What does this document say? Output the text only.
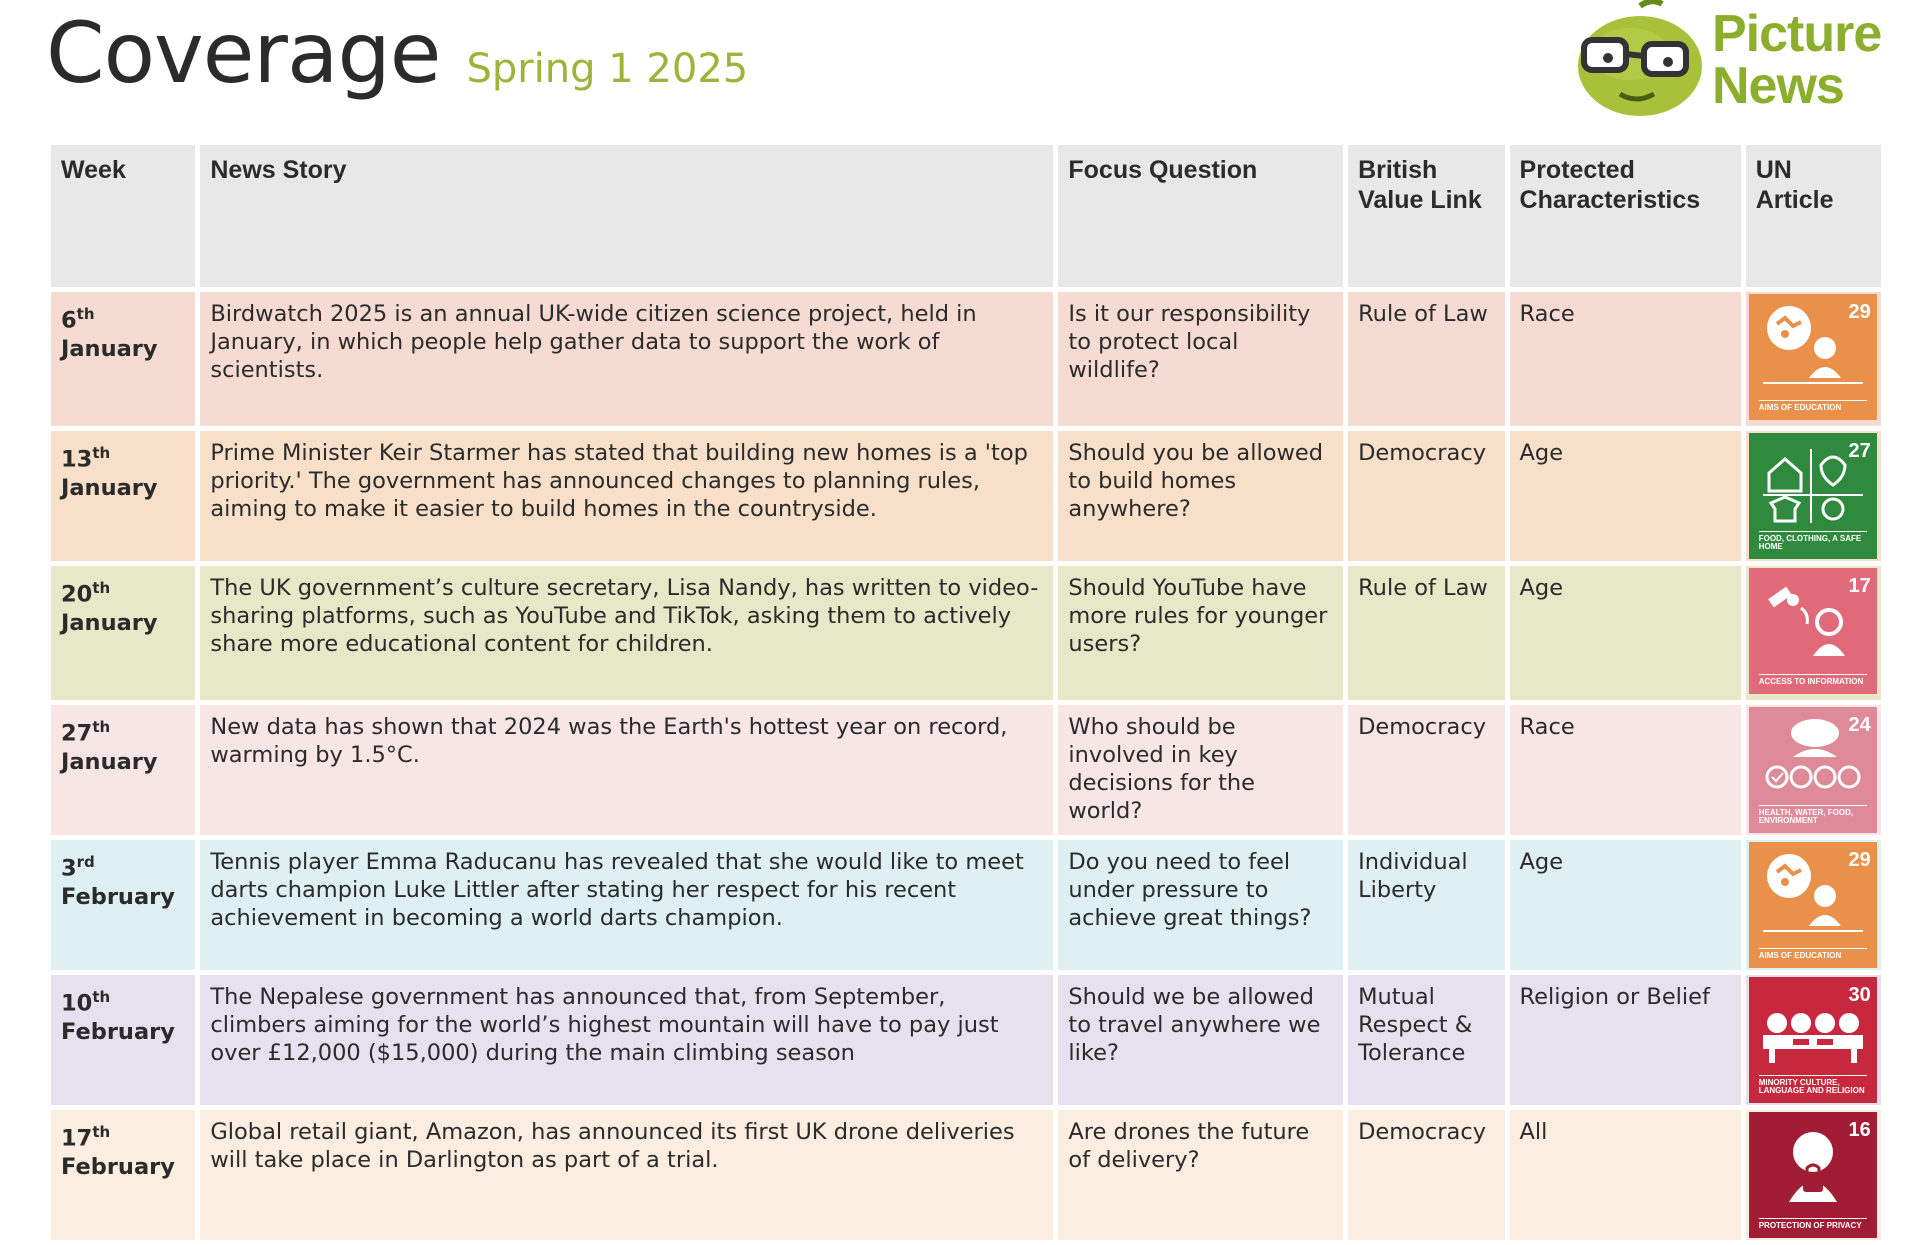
Coverage Spring 1 2025
Picture
News
Week	News Story	Focus Question	British Value Link	Protected Characteristics	UN Article
6th
January	Birdwatch 2025 is an annual UK-wide citizen science project, held in January, in which people help gather data to support the work of scientists.	Is it our responsibility to protect local wildlife?	Rule of Law	Race	29
AIMS OF EDUCATION

13th
January	Prime Minister Keir Starmer has stated that building new homes is a 'top priority.' The government has announced changes to planning rules, aiming to make it easier to build homes in the countryside.	Should you be allowed to build homes anywhere?	Democracy	Age	27
FOOD, CLOTHING, A SAFE HOME

20th
January	The UK government’s culture secretary, Lisa Nandy, has written to video-sharing platforms, such as YouTube and TikTok, asking them to actively share more educational content for children.	Should YouTube have more rules for younger users?	Rule of Law	Age	17
ACCESS TO INFORMATION

27th
January	New data has shown that 2024 was the Earth's hottest year on record, warming by 1.5°C.	Who should be involved in key decisions for the world?	Democracy	Race	24
HEALTH, WATER, FOOD, ENVIRONMENT

3rd
February	Tennis player Emma Raducanu has revealed that she would like to meet darts champion Luke Littler after stating her respect for his recent achievement in becoming a world darts champion.	Do you need to feel under pressure to achieve great things?	Individual Liberty	Age	29
AIMS OF EDUCATION

10th
February	The Nepalese government has announced that, from September, climbers aiming for the world’s highest mountain will have to pay just over £12,000 ($15,000) during the main climbing season	Should we be allowed to travel anywhere we like?	Mutual Respect & Tolerance	Religion or Belief	30
MINORITY CULTURE, LANGUAGE AND RELIGION

17th
February	Global retail giant, Amazon, has announced its first UK drone deliveries will take place in Darlington as part of a trial.	Are drones the future of delivery?	Democracy	All	16
PROTECTION OF PRIVACY
